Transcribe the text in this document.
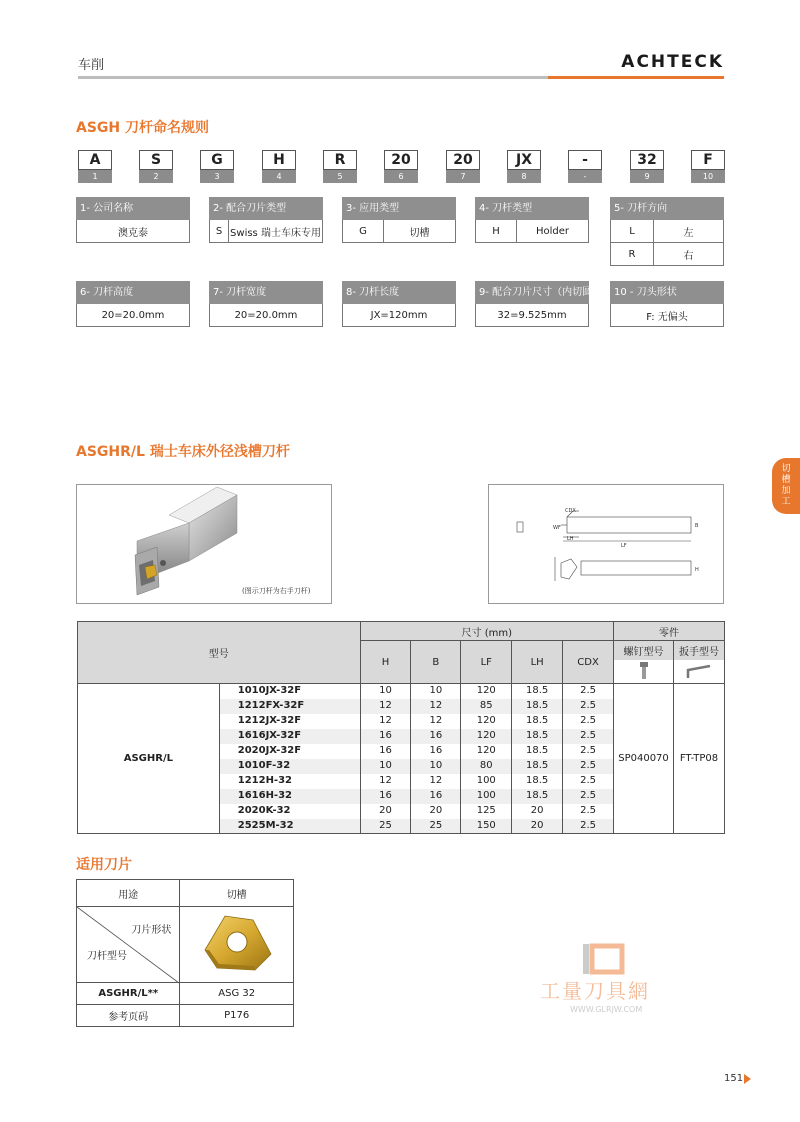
车削	ACHTECK
ASGH 刀杆命名规则
A
1
S
2
G
3
H
4
R
5
20
6
20
7
JX
8
-
-
32
9
F
10
1- 公司名称
澳克泰
2- 配合刀片类型
S Swiss 瑞士车床专用
3- 应用类型
G	切槽
4- 刀杆类型
H	Holder
5- 刀杆方向
L	左
R	右
6- 刀杆高度
20=20.0mm
7- 刀杆宽度
20=20.0mm
8- 刀杆长度
JX=120mm
9- 配合刀片尺寸（内切圆）
32=9.525mm
10 - 刀头形状
F: 无偏头
ASGHR/L 瑞士车床外径浅槽刀杆
切槽加工
(图示刀杆为右手刀杆)
CDX
WF
LH
LF
B
H
型号		尺寸 (mm)					零件	
		H	B	LF	LH	CDX	螺钉型号	扳手型号

ASGHR/L	1010JX-32F	10	10	120	18.5	2.5	SP040070	FT-TP08
	1212FX-32F	12	12	85	18.5	2.5		
	1212JX-32F	12	12	120	18.5	2.5		
	1616JX-32F	16	16	120	18.5	2.5		
	2020JX-32F	16	16	120	18.5	2.5		
	1010F-32	10	10	80	18.5	2.5		
	1212H-32	12	12	100	18.5	2.5		
	1616H-32	16	16	100	18.5	2.5		
	2020K-32	20	20	125	20	2.5		
	2525M-32	25	25	150	20	2.5		
适用刀片
用途	切槽

刀片形状
刀杆型号

ASGHR/L**	ASG 32
参考页码	P176
工量刀具網
WWW.GLRJW.COM
151
